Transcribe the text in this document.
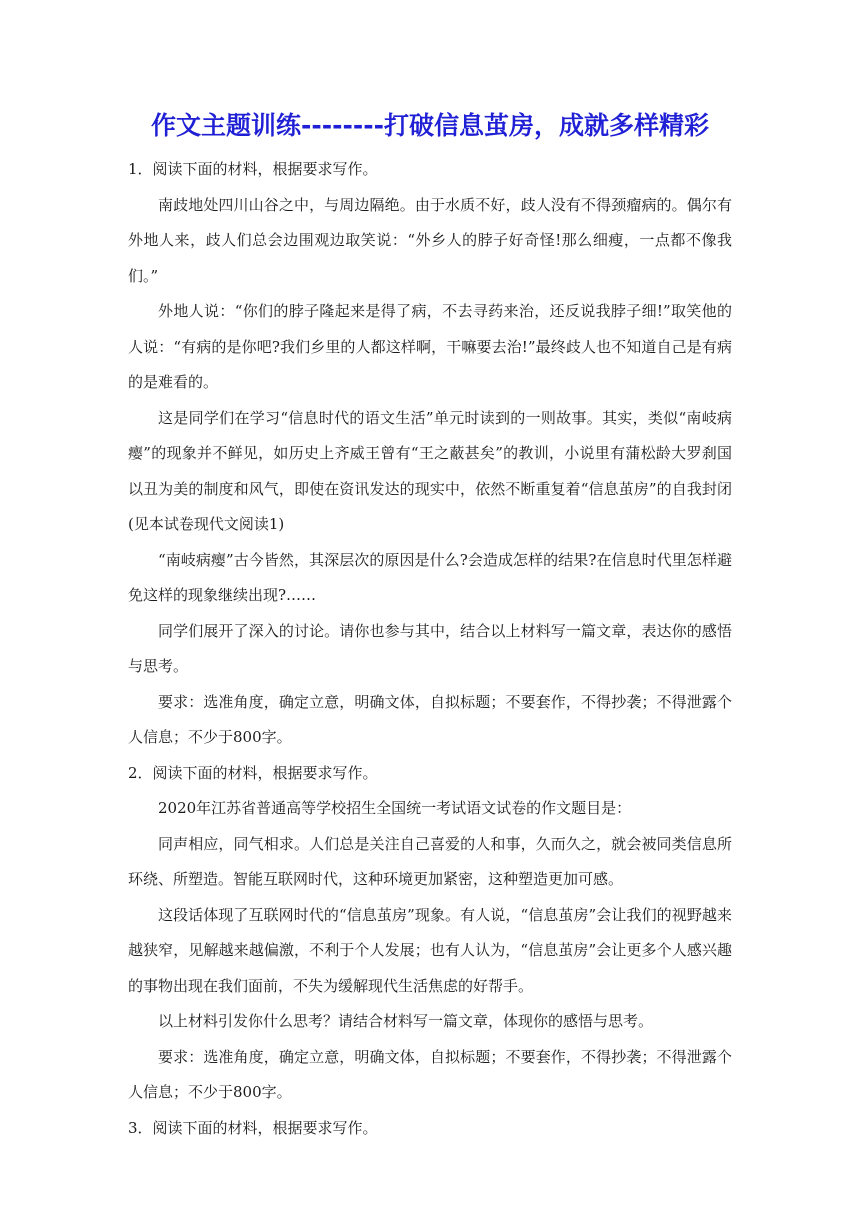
作文主题训练--------打破信息茧房，成就多样精彩

1．阅读下面的材料，根据要求写作。

南歧地处四川山谷之中，与周边隔绝。由于水质不好，歧人没有不得颈瘤病的。偶尔有外地人来，歧人们总会边围观边取笑说：“外乡人的脖子好奇怪!那么细瘦，一点都不像我们。”

外地人说：“你们的脖子隆起来是得了病，不去寻药来治，还反说我脖子细!”取笑他的人说：“有病的是你吧?我们乡里的人都这样啊，干嘛要去治!”最终歧人也不知道自己是有病的是难看的。

这是同学们在学习“信息时代的语文生活”单元时读到的一则故事。其实，类似“南岐病瘿”的现象并不鲜见，如历史上齐威王曾有“王之蔽甚矣”的教训，小说里有蒲松龄大罗刹国以丑为美的制度和风气，即使在资讯发达的现实中，依然不断重复着“信息茧房”的自我封闭(见本试卷现代文阅读1)

“南岐病瘿”古今皆然，其深层次的原因是什么?会造成怎样的结果?在信息时代里怎样避免这样的现象继续出现?……

同学们展开了深入的讨论。请你也参与其中，结合以上材料写一篇文章，表达你的感悟与思考。

要求：选准角度，确定立意，明确文体，自拟标题；不要套作，不得抄袭；不得泄露个人信息；不少于800字。

2．阅读下面的材料，根据要求写作。

2020年江苏省普通高等学校招生全国统一考试语文试卷的作文题目是：

同声相应，同气相求。人们总是关注自己喜爱的人和事，久而久之，就会被同类信息所环绕、所塑造。智能互联网时代，这种环境更加紧密，这种塑造更加可感。

这段话体现了互联网时代的“信息茧房”现象。有人说，“信息茧房”会让我们的视野越来越狭窄，见解越来越偏激，不利于个人发展；也有人认为，“信息茧房”会让更多个人感兴趣的事物出现在我们面前，不失为缓解现代生活焦虑的好帮手。

以上材料引发你什么思考？请结合材料写一篇文章，体现你的感悟与思考。

要求：选准角度，确定立意，明确文体，自拟标题；不要套作，不得抄袭；不得泄露个人信息；不少于800字。

3．阅读下面的材料，根据要求写作。
